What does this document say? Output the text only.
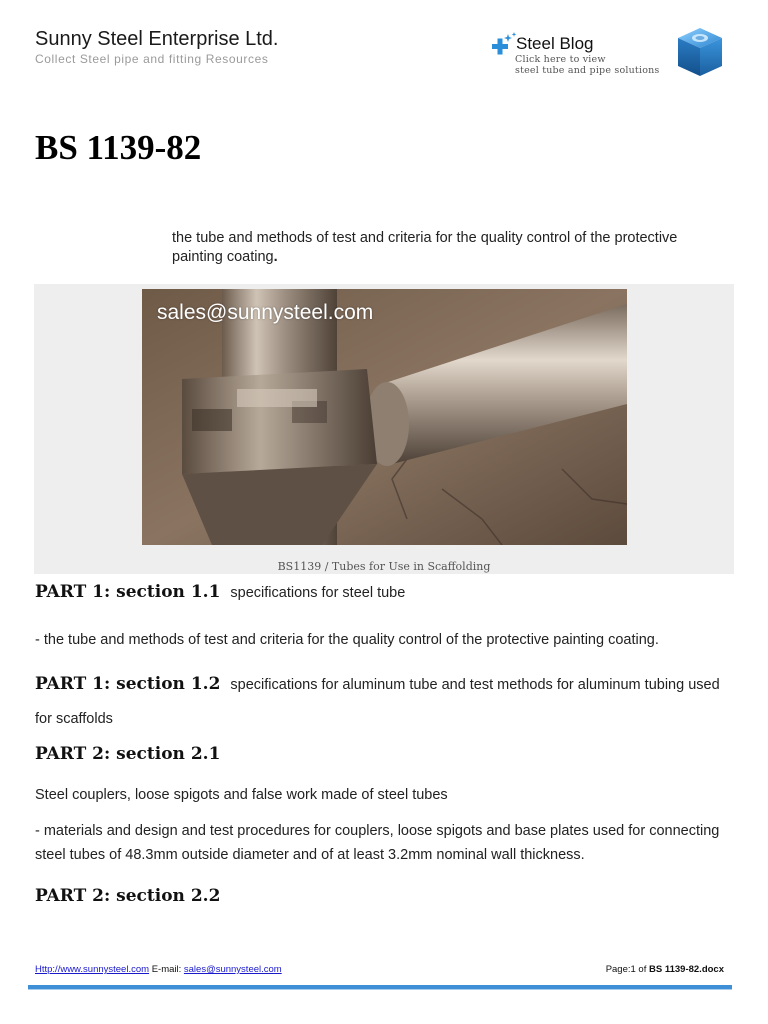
Sunny Steel Enterprise Ltd.
Collect Steel pipe and fitting Resources
Steel Blog
Click here to view
steel tube and pipe solutions
BS 1139-82
the tube and methods of test and criteria for the quality control of the protective painting coating.
sales@sunnysteel.com
BS1139 / Tubes for Use in Scaffolding
PART 1: section 1.1 specifications for steel tube
- the tube and methods of test and criteria for the quality control of the protective painting coating.
PART 1: section 1.2 specifications for aluminum tube and test methods for aluminum tubing used for scaffolds
PART 2: section 2.1
Steel couplers, loose spigots and false work made of steel tubes
- materials and design and test procedures for couplers, loose spigots and base plates used for connecting steel tubes of 48.3mm outside diameter and of at least 3.2mm nominal wall thickness.
PART 2: section 2.2
Http://www.sunnysteel.com E-mail: sales@sunnysteel.com	Page:1 of BS 1139-82.docx
